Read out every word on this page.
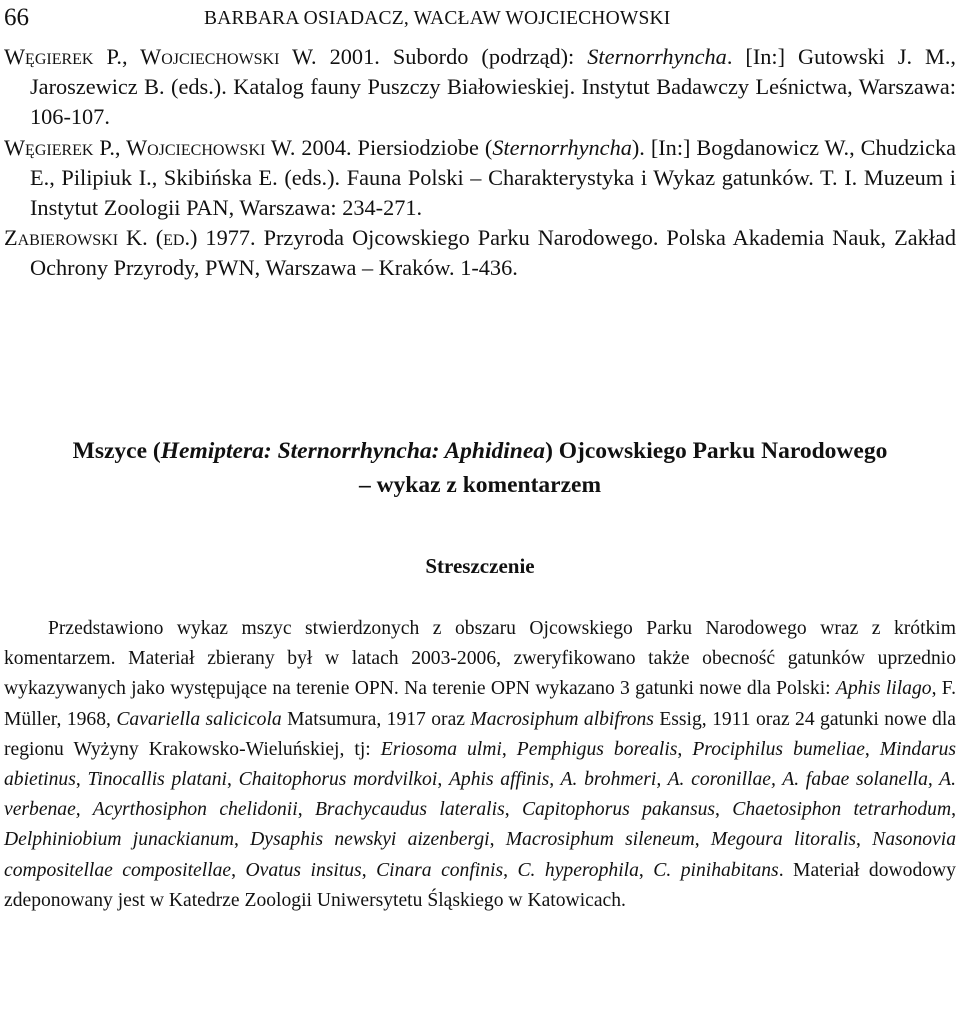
66	BARBARA OSIADACZ, WACŁAW WOJCIECHOWSKI

Węgierek P., Wojciechowski W. 2001. Subordo (podrząd): Sternorrhyncha. [In:] Gutowski J. M., Jaroszewicz B. (eds.). Katalog fauny Puszczy Białowieskiej. Instytut Badawczy Leśnictwa, Warszawa: 106-107.

Węgierek P., Wojciechowski W. 2004. Piersiodziobe (Sternorrhyncha). [In:] Bogdanowicz W., Chudzicka E., Pilipiuk I., Skibińska E. (eds.). Fauna Polski – Charakterystyka i Wykaz gatunków. T. I. Muzeum i Instytut Zoologii PAN, Warszawa: 234-271.

Zabierowski K. (ed.) 1977. Przyroda Ojcowskiego Parku Narodowego. Polska Akademia Nauk, Zakład Ochrony Przyrody, PWN, Warszawa – Kraków. 1-436.

Mszyce (Hemiptera: Sternorrhyncha: Aphidinea) Ojcowskiego Parku Narodowego
– wykaz z komentarzem
Streszczenie

Przedstawiono wykaz mszyc stwierdzonych z obszaru Ojcowskiego Parku Narodowego wraz z krótkim komentarzem. Materiał zbierany był w latach 2003-2006, zweryfikowano także obecność gatunków uprzednio wykazywanych jako występujące na terenie OPN. Na terenie OPN wykazano 3 gatunki nowe dla Polski: Aphis lilago, F. Müller, 1968, Cavariella salicicola Matsumura, 1917 oraz Macrosiphum albifrons Essig, 1911 oraz 24 gatunki nowe dla regionu Wyżyny Krakowsko-Wieluńskiej, tj: Eriosoma ulmi, Pemphigus borealis, Prociphilus bumeliae, Mindarus abietinus, Tinocallis platani, Chaitophorus mordvilkoi, Aphis affinis, A. brohmeri, A. coronillae, A. fabae solanella, A. verbenae, Acyrthosiphon chelidonii, Brachycaudus lateralis, Capitophorus pakansus, Chaetosiphon tetrarhodum, Delphiniobium junackianum, Dysaphis newskyi aizenbergi, Macrosiphum sileneum, Megoura litoralis, Nasonovia compositellae compositellae, Ovatus insitus, Cinara confinis, C. hyperophila, C. pinihabitans. Materiał dowodowy zdeponowany jest w Katedrze Zoologii Uniwersytetu Śląskiego w Katowicach.
